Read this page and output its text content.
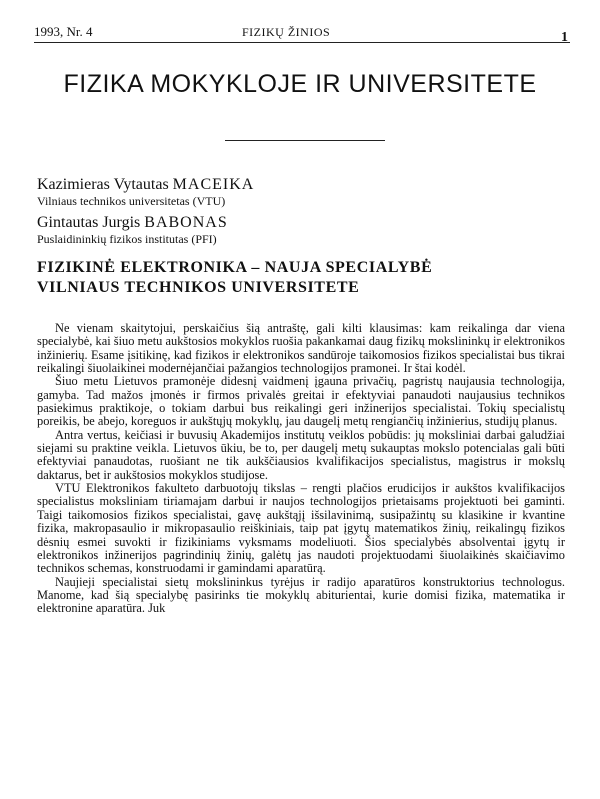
1993, Nr. 4	FIZIKŲ ŽINIOS	1
FIZIKA MOKYKLOJE IR UNIVERSITETE
Kazimieras Vytautas MACEIKA
Vilniaus technikos universitetas (VTU)
Gintautas Jurgis BABONAS
Puslaidininkių fizikos institutas (PFI)
FIZIKINĖ ELEKTRONIKA – NAUJA SPECIALYBĖ
VILNIAUS TECHNIKOS UNIVERSITETE

Ne vienam skaitytojui, perskaičius šią antraštę, gali kilti klausimas: kam reikalinga dar viena specialybė, kai šiuo metu aukštosios mokyklos ruošia pakankamai daug fizikų mokslininkų ir elektronikos inžinierių. Esame įsitikinę, kad fizikos ir elektronikos sandūroje taikomosios fizikos specialistai bus tikrai reikalingi šiuolaikinei modernėjančiai pažangios technologijos pramonei. Ir štai kodėl.

Šiuo metu Lietuvos pramonėje didesnį vaidmenį įgauna privačių, pagristų naujausia technologija, gamyba. Tad mažos įmonės ir firmos privalės greitai ir efektyviai panaudoti naujausius technikos pasiekimus praktikoje, o tokiam darbui bus reikalingi geri inžinerijos specialistai. Tokių specialistų poreikis, be abejo, koreguos ir aukštųjų mokyklų, jau daugelį metų rengiančių inžinierius, studijų planus.

Antra vertus, keičiasi ir buvusių Akademijos institutų veiklos pobūdis: jų moksliniai darbai galudžiai siejami su praktine veikla. Lietuvos ūkiu, be to, per daugelį metų sukauptas mokslo potencialas gali būti efektyviai panaudotas, ruošiant ne tik aukščiausios kvalifikacijos specialistus, magistrus ir mokslų daktarus, bet ir aukštosios mokyklos studijose.

VTU Elektronikos fakulteto darbuotojų tikslas – rengti plačios erudicijos ir aukštos kvalifikacijos specialistus moksliniam tiriamajam darbui ir naujos technologijos prietaisams projektuoti bei gaminti. Taigi taikomosios fizikos specialistai, gavę aukštąjį išsilavinimą, susipažintų su klasikine ir kvantine fizika, makropasaulio ir mikropasaulio reiškiniais, taip pat įgytų matematikos žinių, reikalingų fizikos dėsnių esmei suvokti ir fizikiniams vyksmams modeliuoti. Šios specialybės absolventai įgytų ir elektronikos inžinerijos pagrindinių žinių, galėtų jas naudoti projektuodami šiuolaikinės skaičiavimo technikos schemas, konstruodami ir gamindami aparatūrą.

Naujieji specialistai sietų mokslininkus tyrėjus ir radijo aparatūros konstruktorius technologus. Manome, kad šią specialybę pasirinks tie mokyklų abiturientai, kurie domisi fizika, matematika ir elektronine aparatūra. Juk
